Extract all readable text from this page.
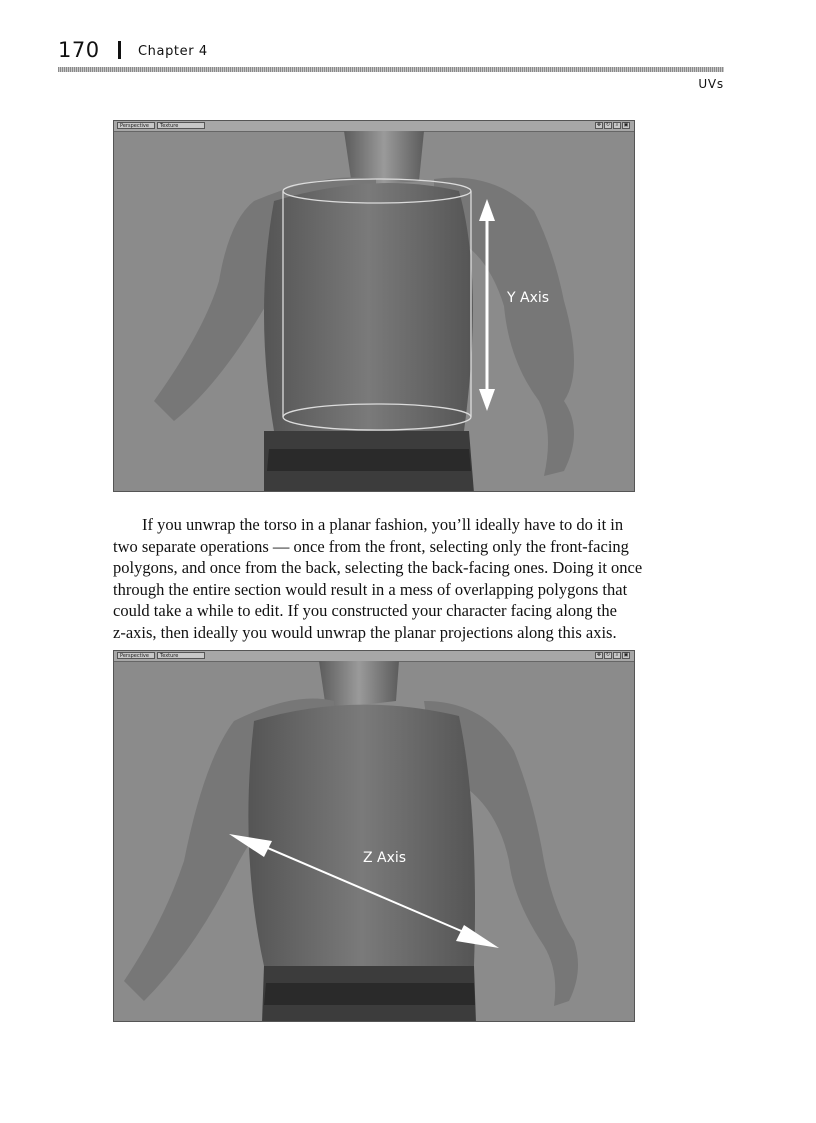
170	Chapter 4
UVs
Perspective	Texture	✥ ↻	⌕	▣
Y Axis
If you unwrap the torso in a planar fashion, you’ll ideally have to do it in
two separate operations — once from the front, selecting only the front-facing
polygons, and once from the back, selecting the back-facing ones. Doing it once
through the entire section would result in a mess of overlapping polygons that
could take a while to edit. If you constructed your character facing along the
z-axis, then ideally you would unwrap the planar projections along this axis.
Perspective	Texture	✥ ↻	⌕	▣
Z Axis
